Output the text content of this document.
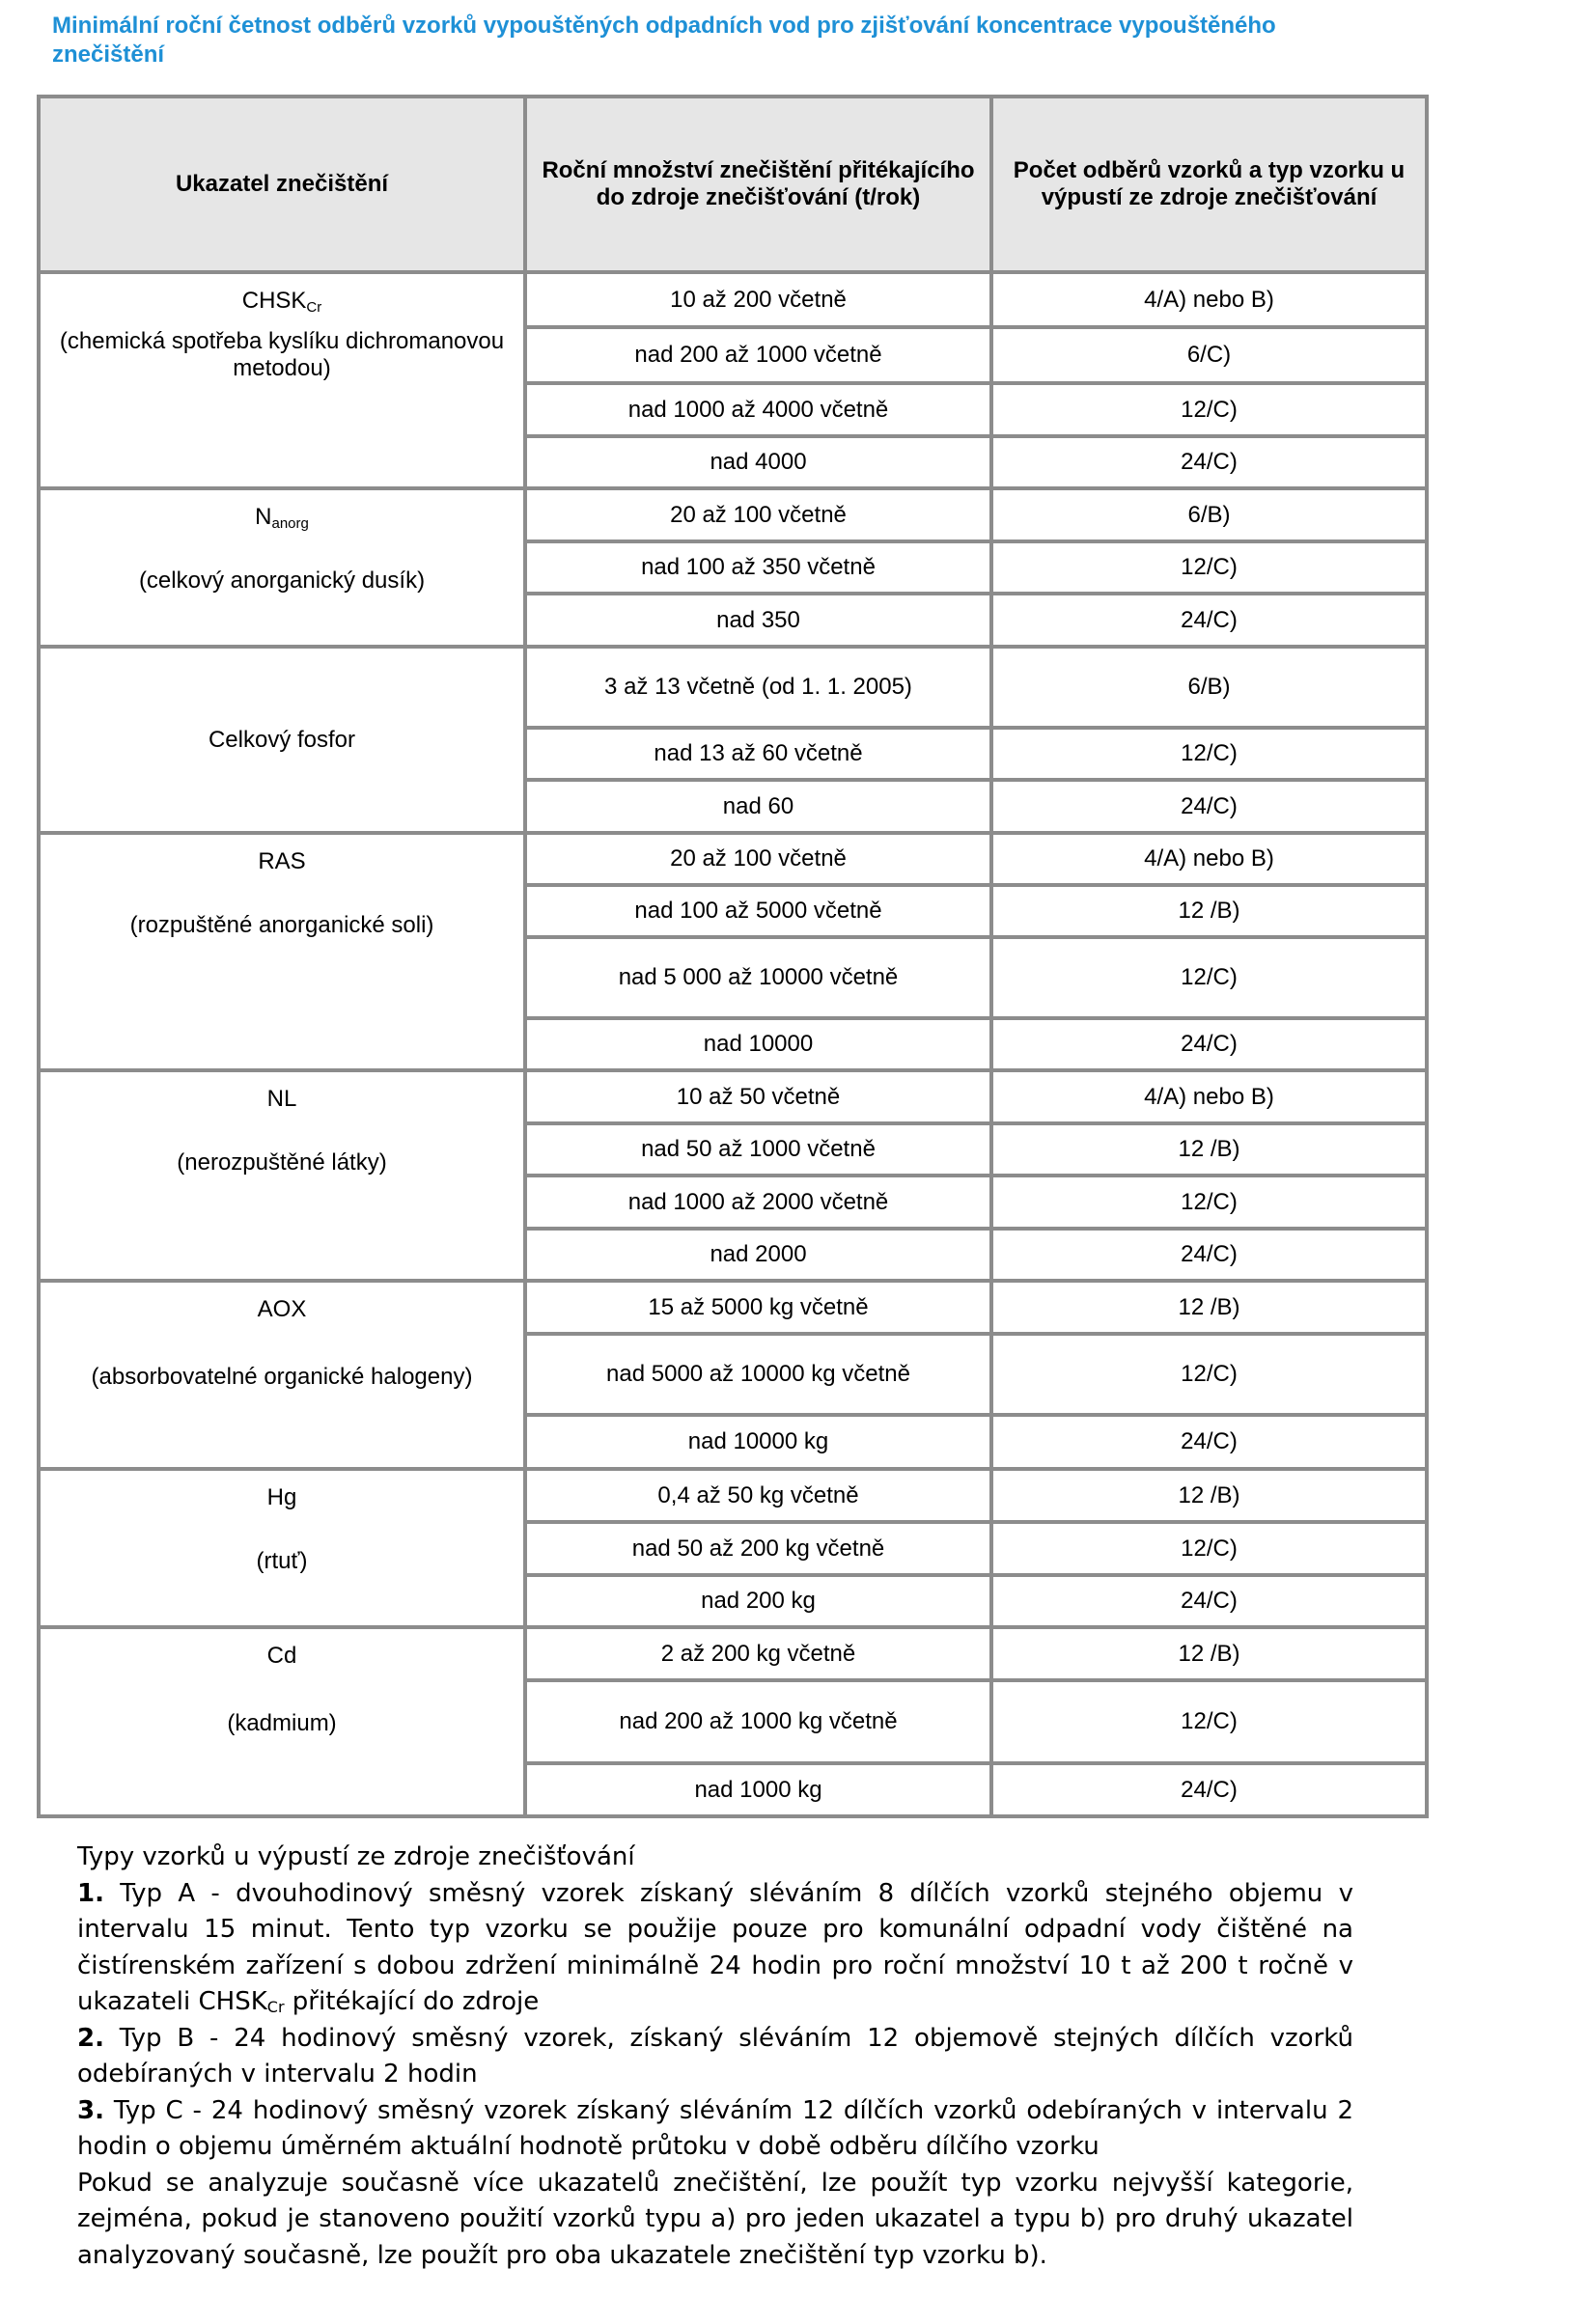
Minimální roční četnost odběrů vzorků vypouštěných odpadních vod pro zjišťování koncentrace vypouštěného znečištění
Ukazatel znečištění	Roční množství znečištění přitékajícího do zdroje znečišťování (t/rok)	Počet odběrů vzorků a typ vzorku u výpustí ze zdroje znečišťování

$CHSK_{Cr}$
(chemická spotřeba kyslíku dichromanovou metodou)	10 až 200 včetně	4/A) nebo B)
	nad 200 až 1000 včetně	6/C)
	nad 1000 až 4000 včetně	12/C)
	nad 4000	24/C)

$N_{anorg}$
(celkový anorganický dusík)	20 až 100 včetně	6/B)
	nad 100 až 350 včetně	12/C)
	nad 350	24/C)

Celkový fosfor	3 až 13 včetně (od 1. 1. 2005)	6/B)
	nad 13 až 60 včetně	12/C)
	nad 60	24/C)

RAS
(rozpuštěné anorganické soli)	20 až 100 včetně	4/A) nebo B)
	nad 100 až 5000 včetně	12 /B)
	nad 5 000 až 10000 včetně	12/C)
	nad 10000	24/C)

NL
(nerozpuštěné látky)	10 až 50 včetně	4/A) nebo B)
	nad 50 až 1000 včetně	12 /B)
	nad 1000 až 2000 včetně	12/C)
	nad 2000	24/C)

AOX
(absorbovatelné organické halogeny)	15 až 5000 kg včetně	12 /B)
	nad 5000 až 10000 kg včetně	12/C)
	nad 10000 kg	24/C)

Hg
(rtuť)	0,4 až 50 kg včetně	12 /B)
	nad 50 až 200 kg včetně	12/C)
	nad 200 kg	24/C)

Cd
(kadmium)	2 až 200 kg včetně	12 /B)
	nad 200 až 1000 kg včetně	12/C)
	nad 1000 kg	24/C)

Typy vzorků u výpustí ze zdroje znečišťování

1. Typ A - dvouhodinový směsný vzorek získaný sléváním 8 dílčích vzorků stejného objemu v intervalu 15 minut. Tento typ vzorku se použije pouze pro komunální odpadní vody čištěné na čistírenském zařízení s dobou zdržení minimálně 24 hodin pro roční množství 10 t až 200 t ročně v ukazateli $CHSK_{Cr}$ přitékající do zdroje

2. Typ B - 24 hodinový směsný vzorek, získaný sléváním 12 objemově stejných dílčích vzorků odebíraných v intervalu 2 hodin

3. Typ C - 24 hodinový směsný vzorek získaný sléváním 12 dílčích vzorků odebíraných v intervalu 2 hodin o objemu úměrném aktuální hodnotě průtoku v době odběru dílčího vzorku

Pokud se analyzuje současně více ukazatelů znečištění, lze použít typ vzorku nejvyšší kategorie, zejména, pokud je stanoveno použití vzorků typu a) pro jeden ukazatel a typu b) pro druhý ukazatel analyzovaný současně, lze použít pro oba ukazatele znečištění typ vzorku b).
